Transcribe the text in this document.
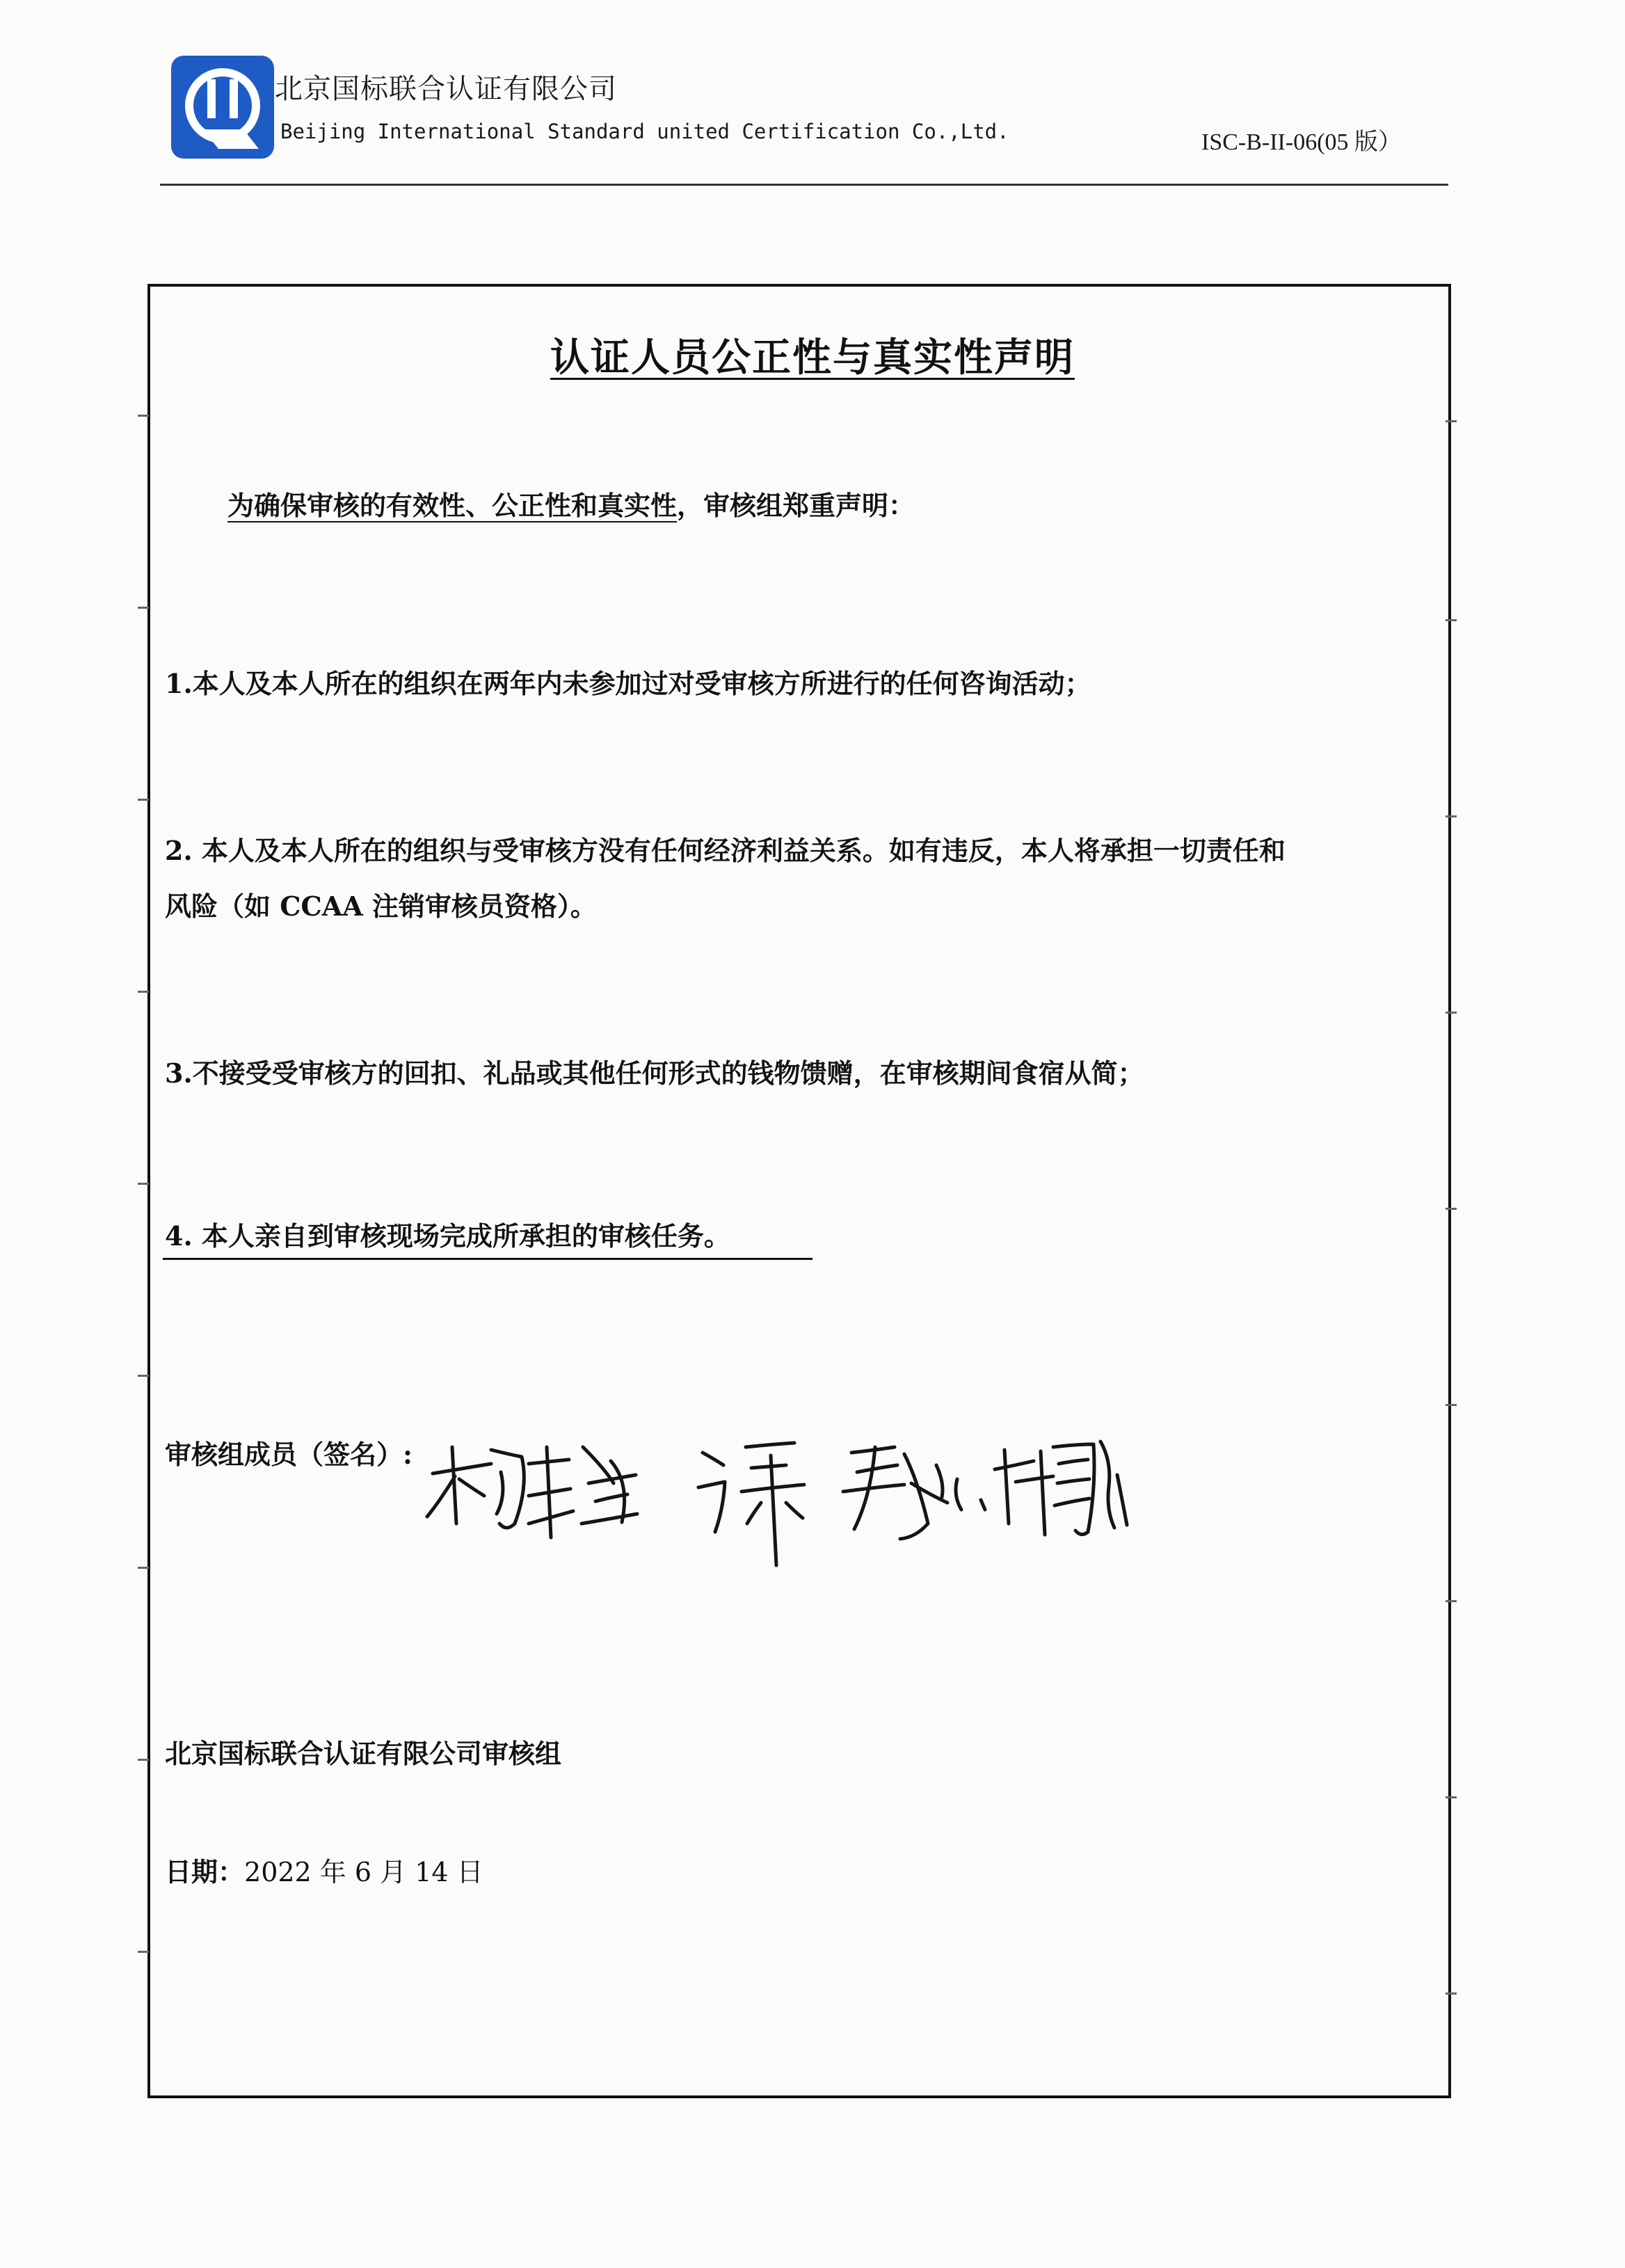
北京国标联合认证有限公司
Beijing International Standard united Certification Co.,Ltd.	ISC-B-II-06(05 版）
认证人员公正性与真实性声明
为确保审核的有效性、公正性和真实性，审核组郑重声明：
1.本人及本人所在的组织在两年内未参加过对受审核方所进行的任何咨询活动；
2. 本人及本人所在的组织与受审核方没有任何经济利益关系。如有违反，本人将承担一切责任和
风险（如 CCAA 注销审核员资格）。
3.不接受受审核方的回扣、礼品或其他任何形式的钱物馈赠，在审核期间食宿从简；
4. 本人亲自到审核现场完成所承担的审核任务。
审核组成员（签名）:
北京国标联合认证有限公司审核组
日期：2022 年 6 月 14 日
